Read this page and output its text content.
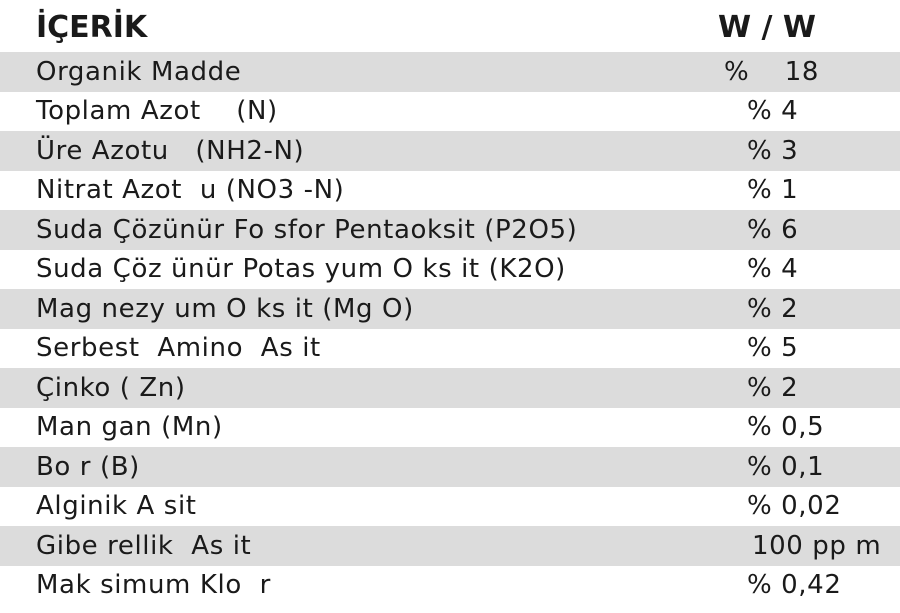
İÇERİK	W / W
Organik Madde	%    18
Toplam Azot    (N)	% 4
Üre Azotu   (NH2-N)	% 3
Nitrat Azot  u (NO3 -N)	% 1
Suda Çözünür Fo sfor Pentaoksit (P2O5)	% 6
Suda Çöz ünür Potas yum O ks it (K2O)	% 4
Mag nezy um O ks it (Mg O)	% 2
Serbest  Amino  As it	% 5
Çinko ( Zn)	% 2
Man gan (Mn)	% 0,5
Bo r (B)	% 0,1
Alginik A sit	% 0,02
Gibe rellik  As it	100 pp m
Mak simum Klo  r	% 0,42
